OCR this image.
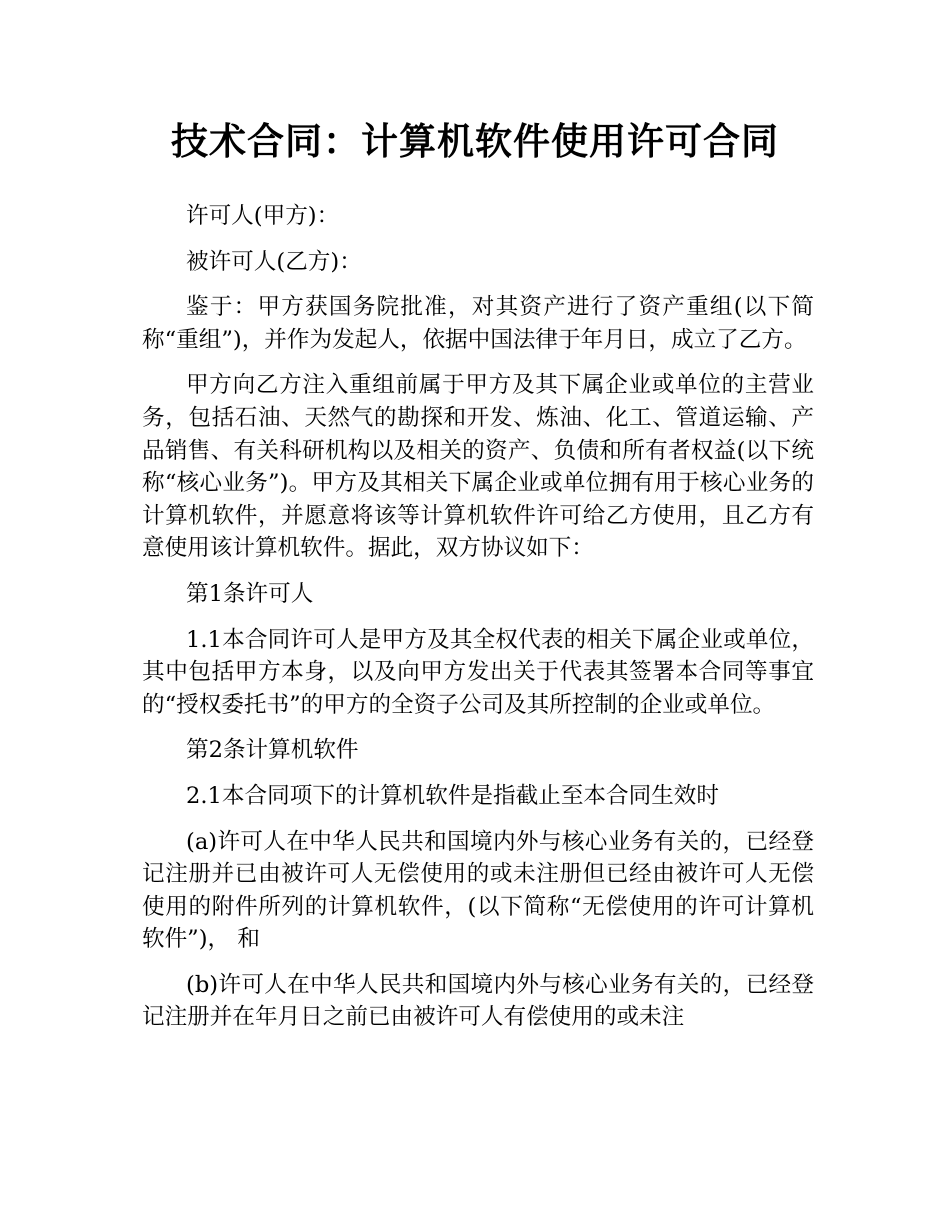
技术合同：计算机软件使用许可合同

许可人(甲方)：

被许可人(乙方)：

鉴于：甲方获国务院批准，对其资产进行了资产重组(以下简称“重组”)，并作为发起人，依据中国法律于年月日，成立了乙方。

甲方向乙方注入重组前属于甲方及其下属企业或单位的主营业务，包括石油、天然气的勘探和开发、炼油、化工、管道运输、产品销售、有关科研机构以及相关的资产、负债和所有者权益(以下统称“核心业务”)。甲方及其相关下属企业或单位拥有用于核心业务的计算机软件，并愿意将该等计算机软件许可给乙方使用，且乙方有意使用该计算机软件。据此，双方协议如下：

第1条许可人

1.1本合同许可人是甲方及其全权代表的相关下属企业或单位，其中包括甲方本身，以及向甲方发出关于代表其签署本合同等事宜的“授权委托书”的甲方的全资子公司及其所控制的企业或单位。

第2条计算机软件

2.1本合同项下的计算机软件是指截止至本合同生效时

(a)许可人在中华人民共和国境内外与核心业务有关的，已经登记注册并已由被许可人无偿使用的或未注册但已经由被许可人无偿使用的附件所列的计算机软件，(以下简称“无偿使用的许可计算机软件”)， 和

(b)许可人在中华人民共和国境内外与核心业务有关的，已经登记注册并在年月日之前已由被许可人有偿使用的或未注
